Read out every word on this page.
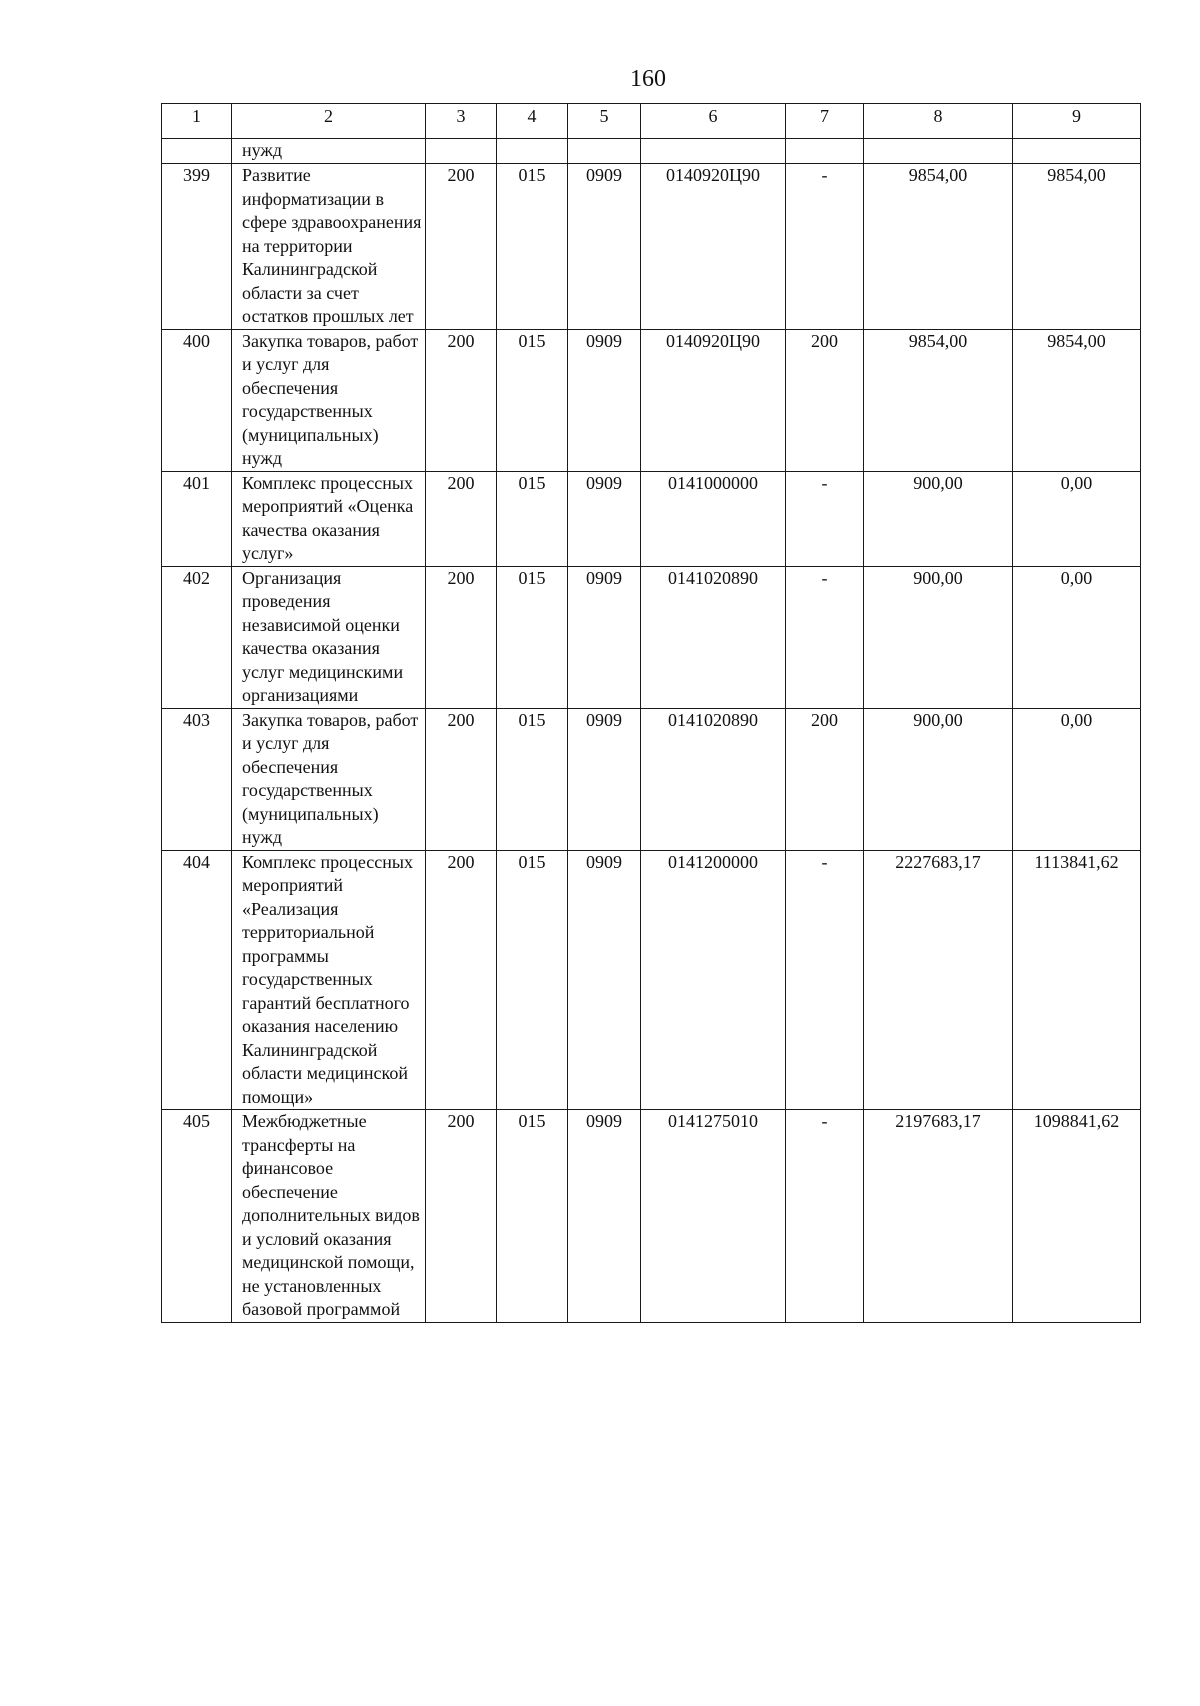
160
1	2	3	4	5	6	7	8	9
	нужд							
399	Развитие информатизации в сфере здравоохранения на территории Калининградской области за счет остатков прошлых лет	200	015	0909	0140920Ц90	-	9854,00	9854,00
400	Закупка товаров, работ и услуг для обеспечения государственных (муниципальных) нужд	200	015	0909	0140920Ц90	200	9854,00	9854,00
401	Комплекс процессных мероприятий «Оценка качества оказания услуг»	200	015	0909	0141000000	-	900,00	0,00
402	Организация проведения независимой оценки качества оказания услуг медицинскими организациями	200	015	0909	0141020890	-	900,00	0,00
403	Закупка товаров, работ и услуг для обеспечения государственных (муниципальных) нужд	200	015	0909	0141020890	200	900,00	0,00
404	Комплекс процессных мероприятий «Реализация территориальной программы государственных гарантий бесплатного оказания населению Калининградской области медицинской помощи»	200	015	0909	0141200000	-	2227683,17	1113841,62
405	Межбюджетные трансферты на финансовое обеспечение дополнительных видов и условий оказания медицинской помощи, не установленных базовой программой	200	015	0909	0141275010	-	2197683,17	1098841,62
